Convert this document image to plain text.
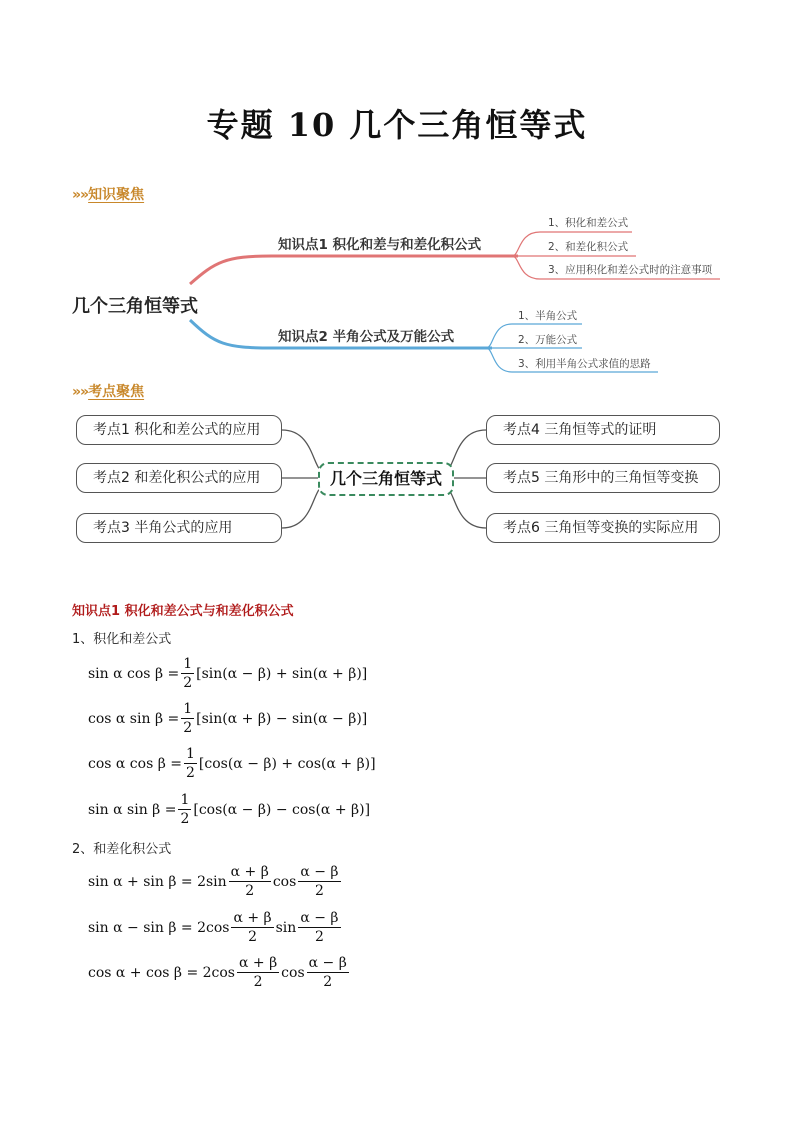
专题 10 几个三角恒等式
» » 知识聚焦
几个三角恒等式
知识点1 积化和差与和差化积公式
知识点2 半角公式及万能公式
1、积化和差公式
2、和差化积公式
3、应用积化和差公式时的注意事项
1、半角公式
2、万能公式
3、利用半角公式求值的思路
» » 考点聚焦
考点1 积化和差公式的应用
考点2 和差化积公式的应用
考点3 半角公式的应用
考点4 三角恒等式的证明
考点5 三角形中的三角恒等变换
考点6 三角恒等变换的实际应用
几个三角恒等式
知识点1 积化和差公式与和差化积公式
1、积化和差公式
sin α $\cos \beta = \frac{1}{2} [\sin(\alpha - \beta) + \sin(\alpha + \beta)]$
cos α $\sin \beta = \frac{1}{2} [\sin(\alpha + \beta) - \sin(\alpha - \beta)]$
cos α $\cos \beta = \frac{1}{2} [\cos(\alpha - \beta) + \cos(\alpha + \beta)]$
sin α $\sin \beta = \frac{1}{2} [\cos(\alpha - \beta) - \cos(\alpha + \beta)]$
2、和差化积公式
$\sin \alpha + \sin \beta = 2\sin \frac{\alpha + \beta}{2}$ $\cos \frac{\alpha - \beta}{2}$
$\sin \alpha - \sin \beta = 2\cos \frac{\alpha + \beta}{2}$ $\sin \frac{\alpha - \beta}{2}$
$\cos \alpha + \cos \beta = 2\cos \frac{\alpha + \beta}{2}$ $\cos \frac{\alpha - \beta}{2}$
